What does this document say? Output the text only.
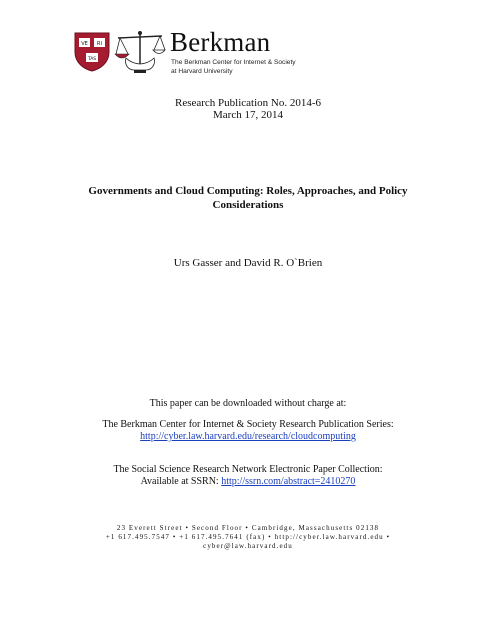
VE RI
TAS
Berkman
The Berkman Center for Internet & Society
at Harvard University
Research Publication No. 2014-6
March 17, 2014
Governments and Cloud Computing: Roles, Approaches, and Policy
Considerations
Urs Gasser and David R. O`Brien
This paper can be downloaded without charge at:
The Berkman Center for Internet & Society Research Publication Series:
http://cyber.law.harvard.edu/research/cloudcomputing
The Social Science Research Network Electronic Paper Collection:
Available at SSRN: http://ssrn.com/abstract=2410270
23 Everett Street • Second Floor • Cambridge, Massachusetts 02138
+1 617.495.7547 • +1 617.495.7641 (fax) • http://cyber.law.harvard.edu •
cyber@law.harvard.edu
